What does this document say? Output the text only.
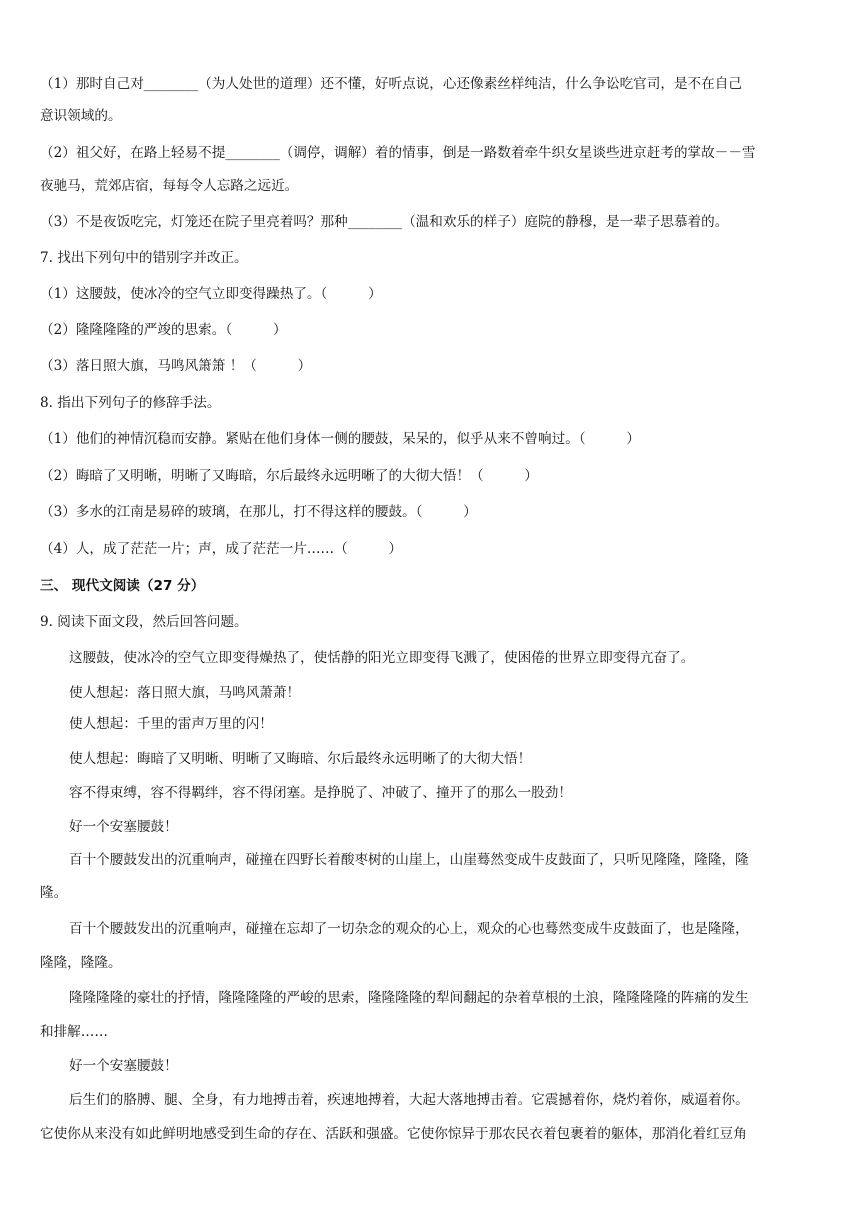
（1）那时自己对________（为人处世的道理）还不懂，好听点说，心还像素丝样纯洁，什么争讼吃官司，是不在自己
意识领域的。
（2）祖父好，在路上轻易不提________（调停，调解）着的情事，倒是一路数着牵牛织女星谈些进京赶考的掌故－－雪
夜驰马，荒郊店宿，每每令人忘路之远近。
（3）不是夜饭吃完，灯笼还在院子里亮着吗？那种________（温和欢乐的样子）庭院的静穆，是一辈子思慕着的。
7. 找出下列句中的错别字并改正。
（1）这腰鼓，使冰冷的空气立即变得躁热了。（　　　）
（2）隆隆隆隆的严竣的思索。（　　　）
（3）落日照大旗，马鸣风箫箫 ！（　　　）
8. 指出下列句子的修辞手法。
（1）他们的神情沉稳而安静。紧贴在他们身体一侧的腰鼓，呆呆的，似乎从来不曾响过。（　　　）
（2）晦暗了又明晰，明晰了又晦暗，尔后最终永远明晰了的大彻大悟！（　　　）
（3）多水的江南是易碎的玻璃，在那儿，打不得这样的腰鼓。（　　　）
（4）人，成了茫茫一片；声，成了茫茫一片……（　　　）
三、 现代文阅读（27 分）
9. 阅读下面文段，然后回答问题。
这腰鼓，使冰冷的空气立即变得燥热了，使恬静的阳光立即变得飞溅了，使困倦的世界立即变得亢奋了。
使人想起：落日照大旗，马鸣风萧萧！
使人想起：千里的雷声万里的闪！
使人想起：晦暗了又明晰、明晰了又晦暗、尔后最终永远明晰了的大彻大悟！
容不得束缚，容不得羁绊，容不得闭塞。是挣脱了、冲破了、撞开了的那么一股劲！
好一个安塞腰鼓！
百十个腰鼓发出的沉重响声，碰撞在四野长着酸枣树的山崖上，山崖蓦然变成牛皮鼓面了，只听见隆隆，隆隆，隆
隆。
百十个腰鼓发出的沉重响声，碰撞在忘却了一切杂念的观众的心上，观众的心也蓦然变成牛皮鼓面了，也是隆隆，
隆隆，隆隆。
隆隆隆隆的豪壮的抒情，隆隆隆隆的严峻的思索，隆隆隆隆的犁间翻起的杂着草根的土浪，隆隆隆隆的阵痛的发生
和排解……
好一个安塞腰鼓！
后生们的胳膊、腿、全身，有力地搏击着，疾速地搏着，大起大落地搏击着。它震撼着你，烧灼着你，威逼着你。
它使你从来没有如此鲜明地感受到生命的存在、活跃和强盛。它使你惊异于那农民衣着包裹着的躯体，那消化着红豆角
